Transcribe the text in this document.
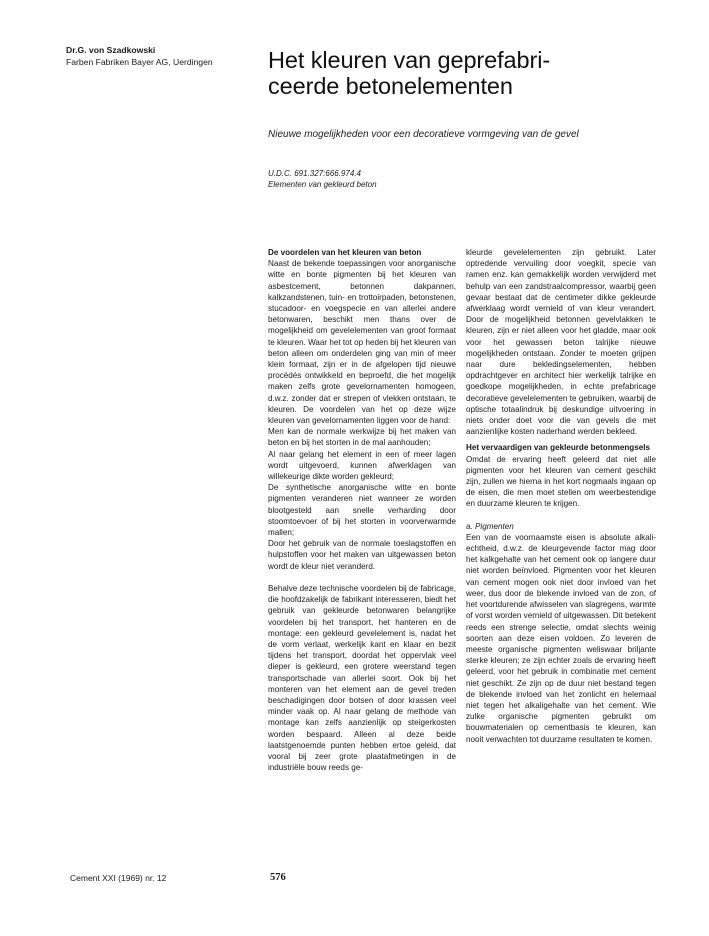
Dr.G. von Szadkowski
Farben Fabriken Bayer AG, Uerdingen	Het kleuren van geprefabri-
ceerde betonelementen
Nieuwe mogelijkheden voor een decoratieve vormgeving van de gevel
U.D.C. 691.327:666.974.4
Elementen van gekleurd beton

De voordelen van het kleuren van beton

Naast de bekende toepassingen voor anorganische witte en bonte pigmenten bij het kleuren van asbestcement, betonnen dakpannen, kalkzandstenen, tuin- en trottoirpaden, betonstenen, stucadoor- en voegspecie en van allerlei andere betonwaren, beschikt men thans over de mogelijkheid om gevelelementen van groot formaat te kleuren. Waar het tot op heden bij het kleuren van beton alleen om onderdelen ging van min of meer klein formaat, zijn er in de afgelopen tijd nieuwe procédés ontwikkeld en beproefd, die het mogelijk maken zelfs grote gevelornamenten homogeen, d.w.z. zonder dat er strepen of vlekken ontstaan, te kleuren. De voordelen van het op deze wijze kleuren van gevelornamenten liggen voor de hand:

Men kan de normale werkwijze bij het maken van beton en bij het storten in de mal aanhouden;

Al naar gelang het element in een of meer lagen wordt uitgevoerd, kunnen afwerklagen van willekeurige dikte worden gekleurd;

De synthetische anorganische witte en bonte pigmenten veranderen niet wanneer ze worden blootgesteld aan snelle verharding door stoomtoevoer of bij het storten in voorverwarmde mallen;

Door het gebruik van de normale toeslagstoffen en hulpstoffen voor het maken van uitgewassen beton wordt de kleur niet veranderd.

Behalve deze technische voordelen bij de fabricage, die hoofdzakelijk de fabrikant interesseren, biedt het gebruik van gekleurde betonwaren belangrijke voordelen bij het transport, het hanteren en de montage: een gekleurd gevelelement is, nadat het de vorm verlaat, werkelijk kant en klaar en bezit tijdens het transport, doordat het oppervlak veel dieper is gekleurd, een grotere weerstand tegen transportschade van allerlei soort. Ook bij het monteren van het element aan de gevel treden beschadigingen door botsen of door krassen veel minder vaak op. Al naar gelang de methode van montage kan zelfs aanzienlijk op steigerkosten worden bespaard. Alleen al deze beide laatstgenoemde punten hebben ertoe geleid, dat vooral bij zeer grote plaatafmetingen in de industriële bouw reeds ge-

kleurde gevelelementen zijn gebruikt. Later optredende vervuiling door voegkit, specie van ramen enz. kan gemakkelijk worden verwijderd met behulp van een zandstraalcompressor, waarbij geen gevaar bestaat dat de centimeter dikke gekleurde afwerklaag wordt vernield of van kleur verandert. Door de mogelijkheid betonnen gevelvlakken te kleuren, zijn er niet alleen voor het gladde, maar ook voor het gewassen beton talrijke nieuwe mogelijkheden ontstaan. Zonder te moeten grijpen naar dure bekledingselementen, hebben opdrachtgever en architect hier werkelijk talrijke en goedkope mogelijkheden, in echte prefabricage decoratieve gevelelementen te gebruiken, waarbij de optische totaalindruk bij deskundige uitvoering in niets onder doet voor die van gevels die met aanzienlijke kosten naderhand werden bekleed.

Het vervaardigen van gekleurde betonmengsels

Omdat de ervaring heeft geleerd dat niet alle pigmenten voor het kleuren van cement geschikt zijn, zullen we hierna in het kort nogmaals ingaan op de eisen, die men moet stellen om weerbestendige en duurzame kleuren te krijgen.

a. Pigmenten

Een van de voornaamste eisen is absolute alkali-echtheid, d.w.z. de kleurgevende factor mag door het kalkgehalte van het cement ook op langere duur niet worden beïnvloed. Pigmenten voor het kleuren van cement mogen ook niet door invloed van het weer, dus door de blekende invloed van de zon, of het voortdurende afwisselen van slagregens, warmte of vorst worden vernield of uitgewassen. Dit betekent reeds een strenge selectie, omdat slechts weinig soorten aan deze eisen voldoen. Zo leveren de meeste organische pigmenten weliswaar briljante sterke kleuren; ze zijn echter zoals de ervaring heeft geleerd, voor het gebruik in combinatie met cement niet geschikt. Ze zijn op de duur niet bestand tegen de blekende invloed van het zonlicht en helemaal niet tegen het alkaligehalte van het cement. Wie zulke organische pigmenten gebruikt om bouwmaterialen op cementbasis te kleuren, kan nooit verwachten tot duurzame resultaten te komen.

Cement XXI (1969) nr. 12	576
